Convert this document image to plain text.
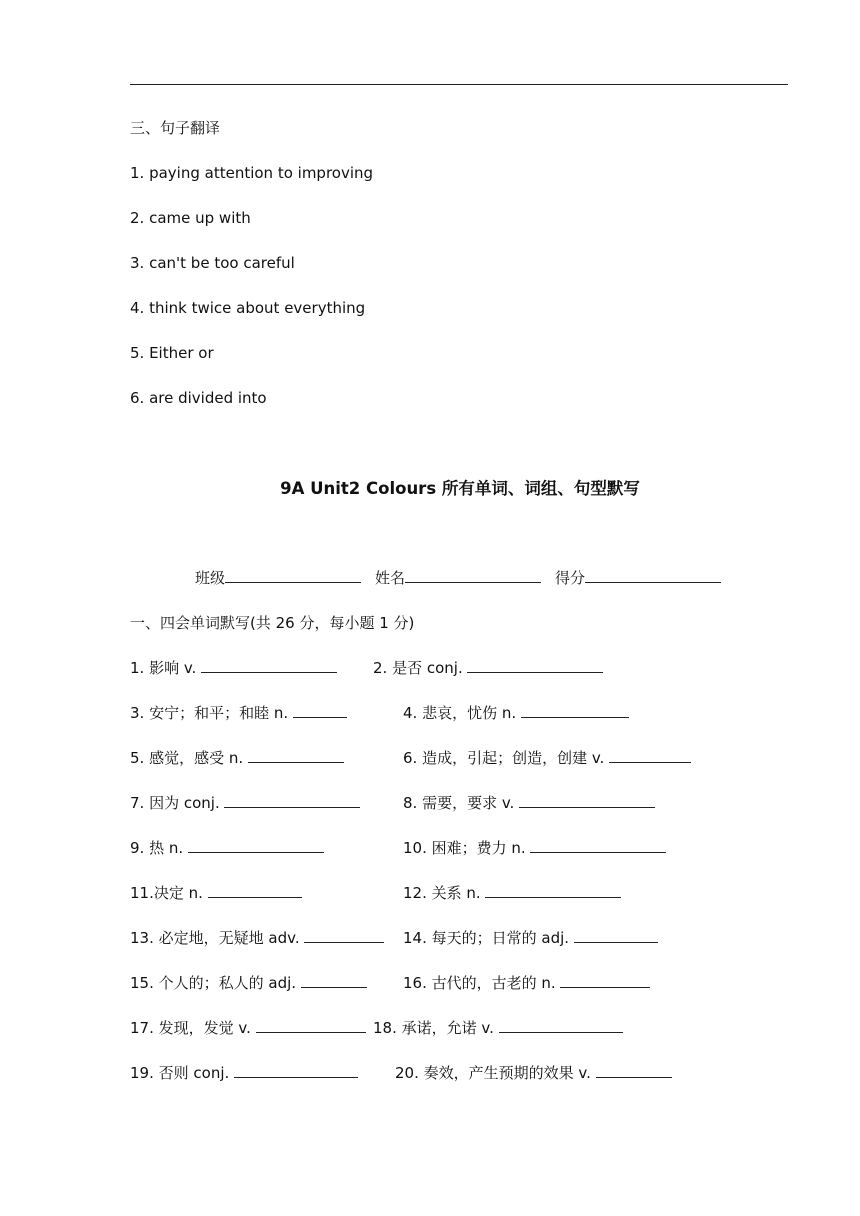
三、句子翻译
1. paying attention to improving
2. came up with
3. can't be too careful
4. think twice about everything
5. Either or
6. are divided into
9A Unit2 Colours 所有单词、词组、句型默写
班级	姓名	得分
一、四会单词默写(共 26 分，每小题 1 分)
1. 影响 v.	2. 是否 conj.
3. 安宁；和平；和睦 n.	4. 悲哀，忧伤 n.
5. 感觉，感受 n.	6. 造成，引起；创造，创建 v.
7. 因为 conj.	8. 需要，要求 v.
9. 热 n.	10. 困难；费力 n.
11.决定 n.	12. 关系 n.
13. 必定地，无疑地 adv.	14. 每天的；日常的 adj.
15. 个人的；私人的 adj.	16. 古代的，古老的 n.
17. 发现，发觉 v.	18. 承诺，允诺 v.
19. 否则 conj.	20. 奏效，产生预期的效果 v.
